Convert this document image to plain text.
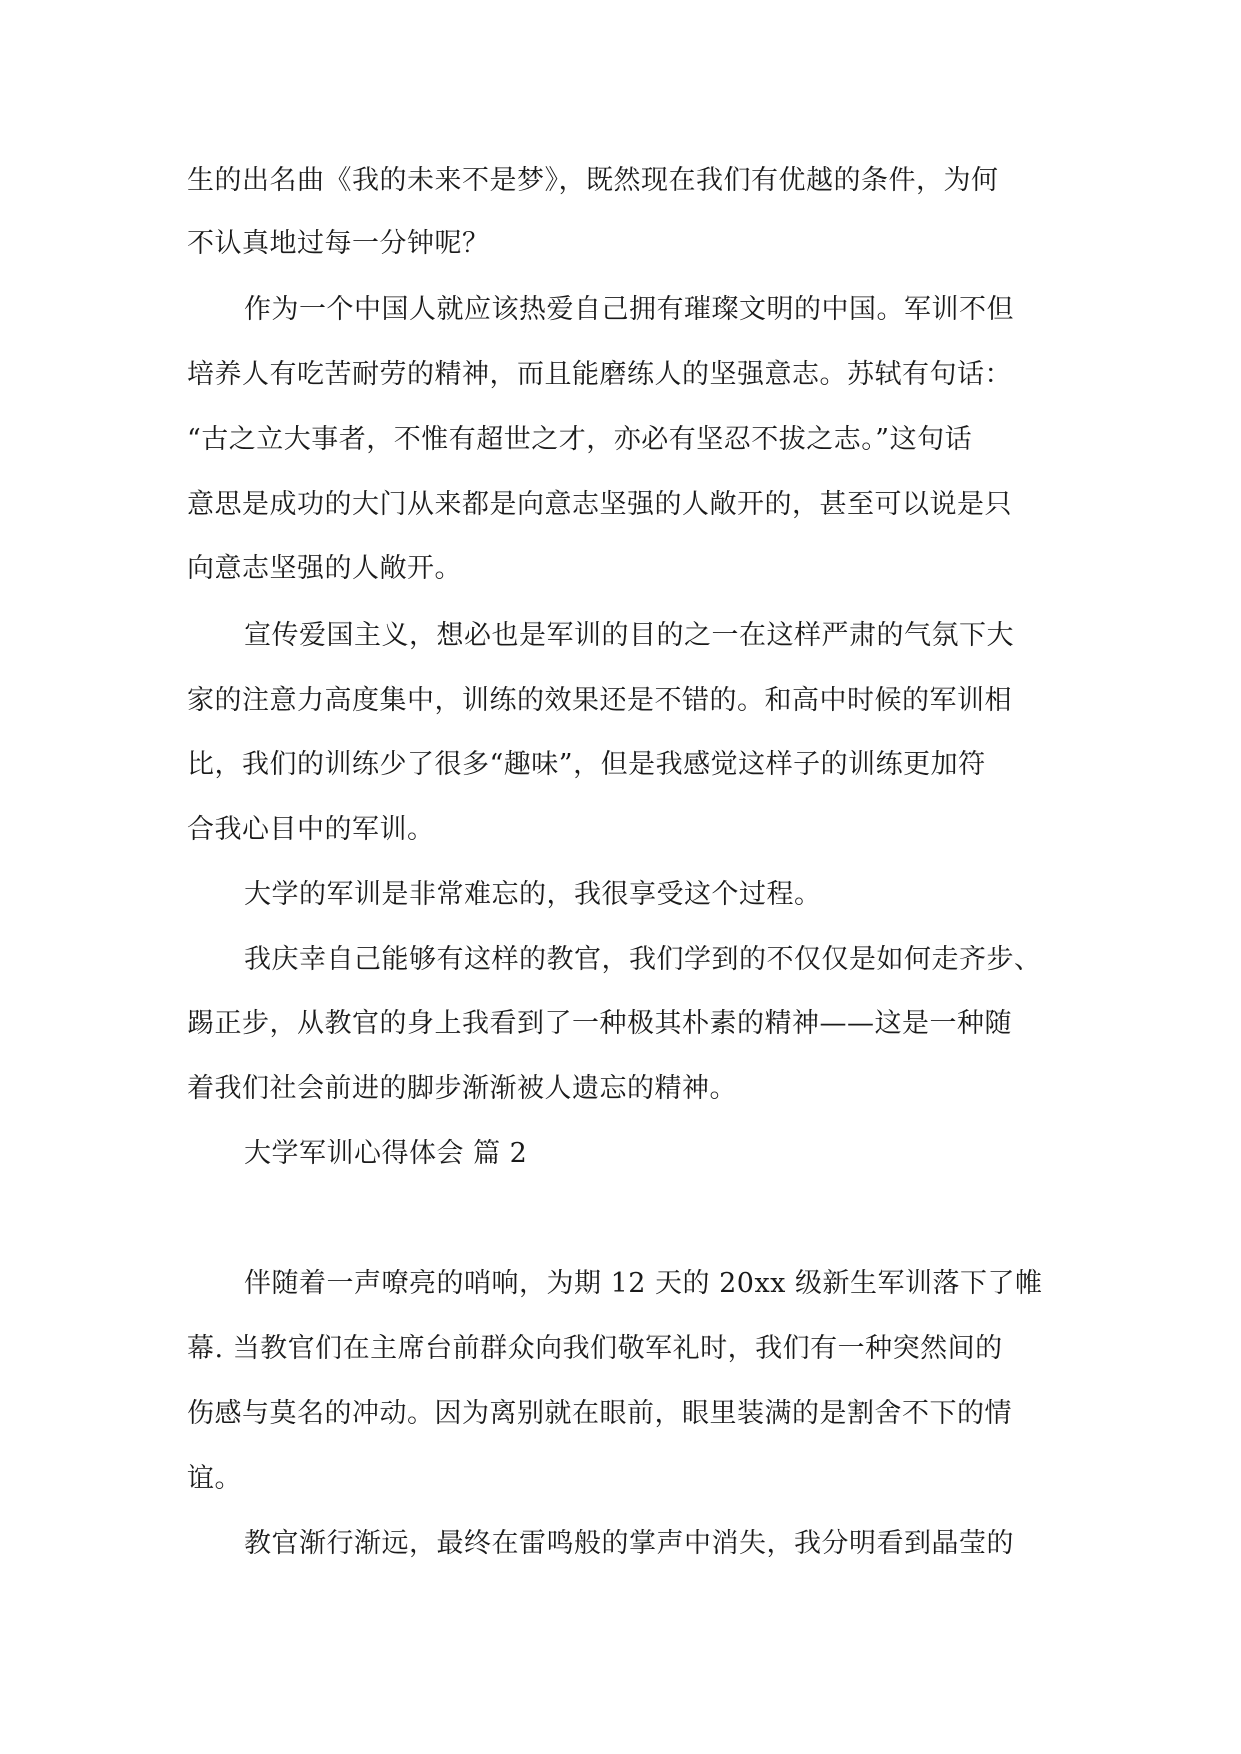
生的出名曲《我的未来不是梦》，既然现在我们有优越的条件，为何

不认真地过每一分钟呢？

作为一个中国人就应该热爱自己拥有璀璨文明的中国。军训不但

培养人有吃苦耐劳的精神，而且能磨练人的坚强意志。苏轼有句话：

“古之立大事者，不惟有超世之才，亦必有坚忍不拔之志。”这句话

意思是成功的大门从来都是向意志坚强的人敞开的，甚至可以说是只

向意志坚强的人敞开。

宣传爱国主义，想必也是军训的目的之一在这样严肃的气氛下大

家的注意力高度集中，训练的效果还是不错的。和高中时候的军训相

比，我们的训练少了很多“趣味”，但是我感觉这样子的训练更加符

合我心目中的军训。

大学的军训是非常难忘的，我很享受这个过程。

我庆幸自己能够有这样的教官，我们学到的不仅仅是如何走齐步、

踢正步，从教官的身上我看到了一种极其朴素的精神——这是一种随

着我们社会前进的脚步渐渐被人遗忘的精神。

大学军训心得体会 篇 2

伴随着一声嘹亮的哨响，为期 12 天的 20xx 级新生军训落下了帷

幕. 当教官们在主席台前群众向我们敬军礼时，我们有一种突然间的

伤感与莫名的冲动。因为离别就在眼前，眼里装满的是割舍不下的情

谊。

教官渐行渐远，最终在雷鸣般的掌声中消失，我分明看到晶莹的
